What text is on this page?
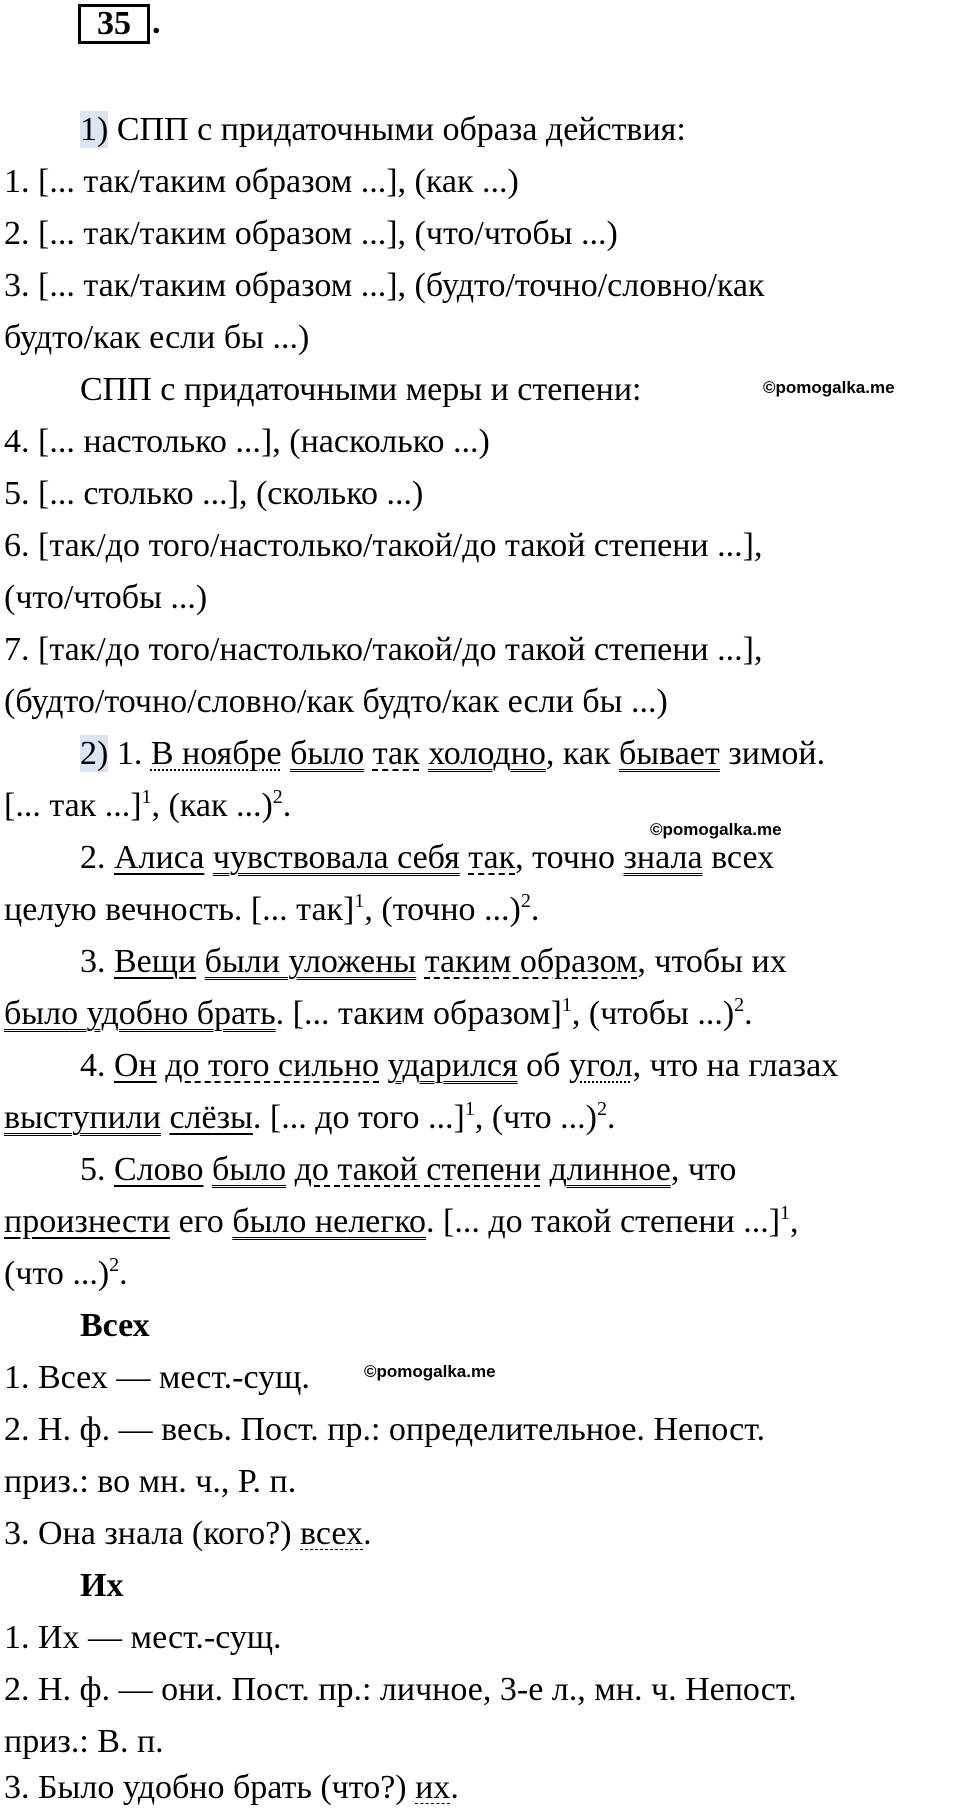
35 .
1) СПП с придаточными образа действия:
1. [... так/таким образом ...], (как ...)
2. [... так/таким образом ...], (что/чтобы ...)
3. [... так/таким образом ...], (будто/точно/словно/как
будто/как если бы ...)
СПП с придаточными меры и степени:	©pomogalka.me
4. [... настолько ...], (насколько ...)
5. [... столько ...], (сколько ...)
6. [так/до того/настолько/такой/до такой степени ...],
(что/чтобы ...)
7. [так/до того/настолько/такой/до такой степени ...],
(будто/точно/словно/как будто/как если бы ...)
2) 1. В ноябре было так холодно, как бывает зимой.
[... так ...]$^1$, (как ...)$^2$.
©pomogalka.me
2. Алиса чувствовала себя так, точно знала всех
целую вечность. [... так]$^1$, (точно ...)$^2$.
3. Вещи были уложены таким образом, чтобы их
было удобно брать. [... таким образом]$^1$, (чтобы ...)$^2$.
4. Он до того сильно ударился об угол, что на глазах
выступили слёзы. [... до того ...]$^1$, (что ...)$^2$.
5. Слово было до такой степени длинное, что
произнести его было нелегко. [... до такой степени ...]$^1$,
(что ...)$^2$.
Всех
1. Всех — мест.-сущ.	©pomogalka.me
2. Н. ф. — весь. Пост. пр.: определительное. Непост.
приз.: во мн. ч., Р. п.
3. Она знала (кого?) всех.
Их
1. Их — мест.-сущ.
2. Н. ф. — они. Пост. пр.: личное, 3-е л., мн. ч. Непост.
приз.: В. п.
3. Было удобно брать (что?) их.
